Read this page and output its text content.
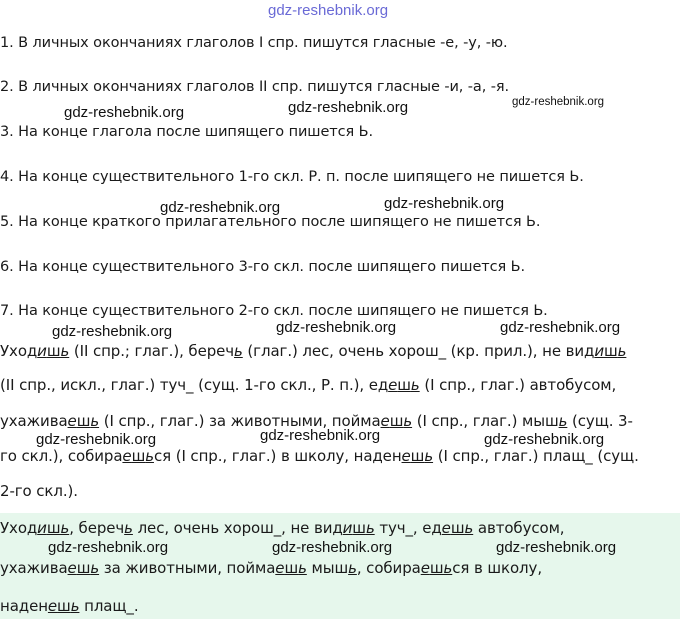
1. В личных окончаниях глаголов I спр. пишутся гласные -е, -у, -ю.
2. В личных окончаниях глаголов II спр. пишутся гласные -и, -а, -я.
3. На конце глагола после шипящего пишется Ь.
4. На конце существительного 1-го скл. Р. п. после шипящего не пишется Ь.
5. На конце краткого прилагательного после шипящего не пишется Ь.
6. На конце существительного 3-го скл. после шипящего пишется Ь.
7. На конце существительного 2-го скл. после шипящего не пишется Ь.
Уходишь (II спр.; глаг.), беречь (глаг.) лес, очень хорош_ (кр. прил.), не видишь
(II спр., искл., глаг.) туч_ (сущ. 1-го скл., Р. п.), едешь (I спр., глаг.) автобусом,
ухаживаешь (I спр., глаг.) за животными, поймаешь (I спр., глаг.) мышь (сущ. 3-
го скл.), собираешься (I спр., глаг.) в школу, наденешь (I спр., глаг.) плащ_ (сущ.
2-го скл.).
Уходишь, беречь лес, очень хорош_, не видишь туч_, едешь автобусом,
ухаживаешь за животными, поймаешь мышь, собираешься в школу,
наденешь плащ_.
gdz-reshebnik.org
gdz-reshebnik.org	gdz-reshebnik.org	gdz-reshebnik.org
gdz-reshebnik.org	gdz-reshebnik.org
gdz-reshebnik.org	gdz-reshebnik.org	gdz-reshebnik.org
gdz-reshebnik.org	gdz-reshebnik.org	gdz-reshebnik.org
gdz-reshebnik.org	gdz-reshebnik.org	gdz-reshebnik.org
